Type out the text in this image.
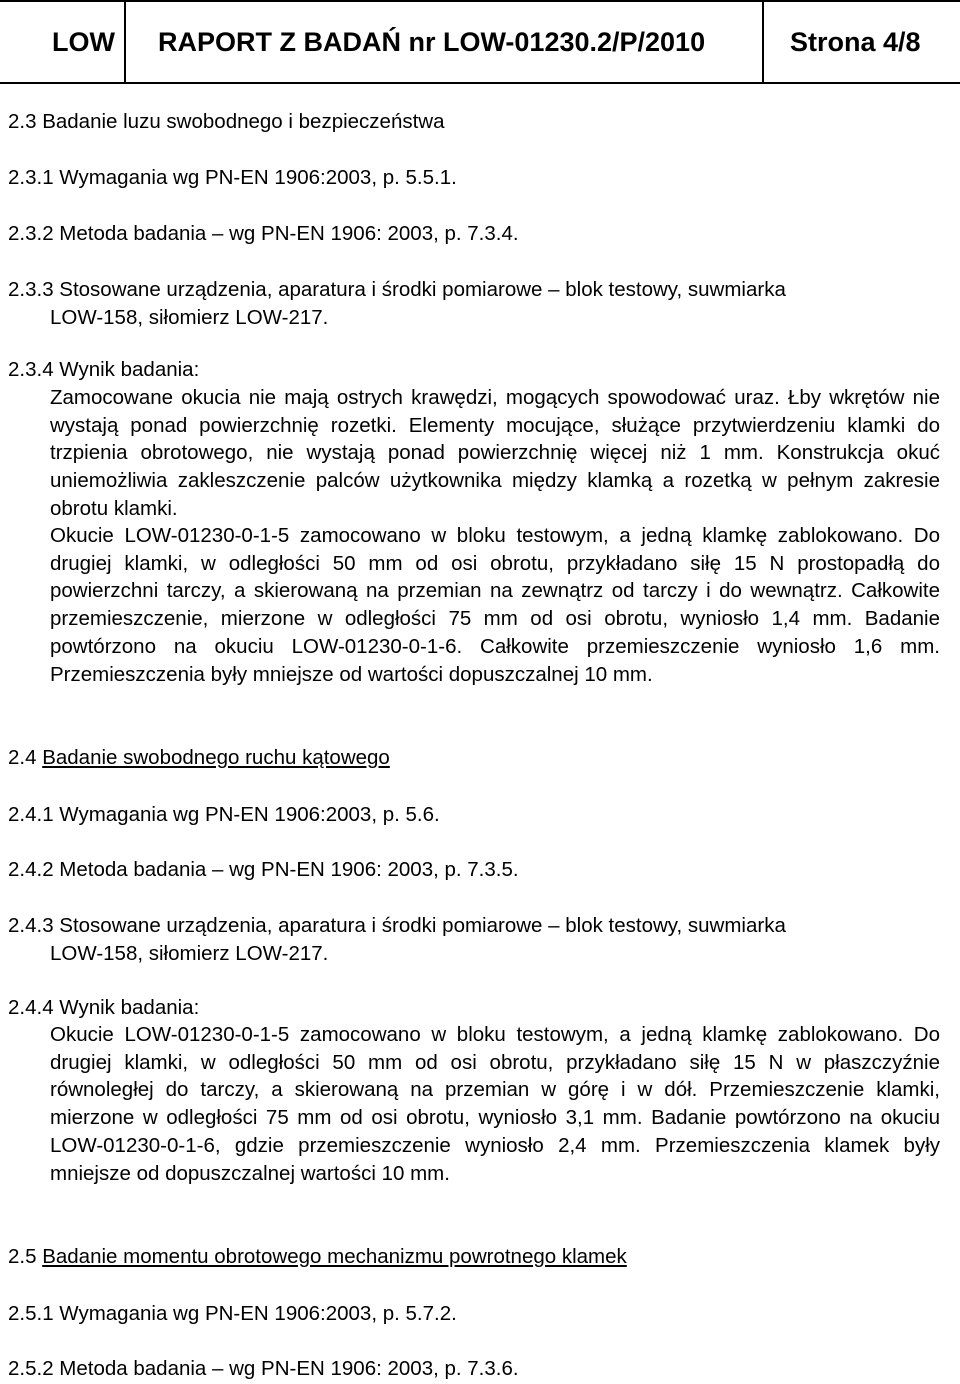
LOW	RAPORT Z BADAŃ nr LOW-01230.2/P/2010	Strona 4/8
2.3 Badanie luzu swobodnego i bezpieczeństwa
2.3.1 Wymagania wg PN-EN 1906:2003, p. 5.5.1.
2.3.2 Metoda badania – wg PN-EN 1906: 2003, p. 7.3.4.
2.3.3 Stosowane urządzenia, aparatura i środki pomiarowe – blok testowy, suwmiarka
LOW-158, siłomierz LOW-217.
2.3.4 Wynik badania:
Zamocowane okucia nie mają ostrych krawędzi, mogących spowodować uraz. Łby wkrętów nie wystają ponad powierzchnię rozetki. Elementy mocujące, służące przytwierdzeniu klamki do trzpienia obrotowego, nie wystają ponad powierzchnię więcej niż 1 mm. Konstrukcja okuć uniemożliwia zakleszczenie palców użytkownika między klamką a rozetką w pełnym zakresie obrotu klamki.
Okucie LOW-01230-0-1-5 zamocowano w bloku testowym, a jedną klamkę zablokowano. Do drugiej klamki, w odległości 50 mm od osi obrotu, przykładano siłę 15 N prostopadłą do powierzchni tarczy, a skierowaną na przemian na zewnątrz od tarczy i do wewnątrz. Całkowite przemieszczenie, mierzone w odległości 75 mm od osi obrotu, wyniosło 1,4 mm. Badanie powtórzono na okuciu LOW-01230-0-1-6. Całkowite przemieszczenie wyniosło 1,6 mm. Przemieszczenia były mniejsze od wartości dopuszczalnej 10 mm.
2.4 Badanie swobodnego ruchu kątowego
2.4.1 Wymagania wg PN-EN 1906:2003, p. 5.6.
2.4.2 Metoda badania – wg PN-EN 1906: 2003, p. 7.3.5.
2.4.3 Stosowane urządzenia, aparatura i środki pomiarowe – blok testowy, suwmiarka
LOW-158, siłomierz LOW-217.
2.4.4 Wynik badania:
Okucie LOW-01230-0-1-5 zamocowano w bloku testowym, a jedną klamkę zablokowano. Do drugiej klamki, w odległości 50 mm od osi obrotu, przykładano siłę 15 N w płaszczyźnie równoległej do tarczy, a skierowaną na przemian w górę i w dół. Przemieszczenie klamki, mierzone w odległości 75 mm od osi obrotu, wyniosło 3,1 mm. Badanie powtórzono na okuciu LOW-01230-0-1-6, gdzie przemieszczenie wyniosło 2,4 mm. Przemieszczenia klamek były mniejsze od dopuszczalnej wartości 10 mm.
2.5 Badanie momentu obrotowego mechanizmu powrotnego klamek
2.5.1 Wymagania wg PN-EN 1906:2003, p. 5.7.2.
2.5.2 Metoda badania – wg PN-EN 1906: 2003, p. 7.3.6.
